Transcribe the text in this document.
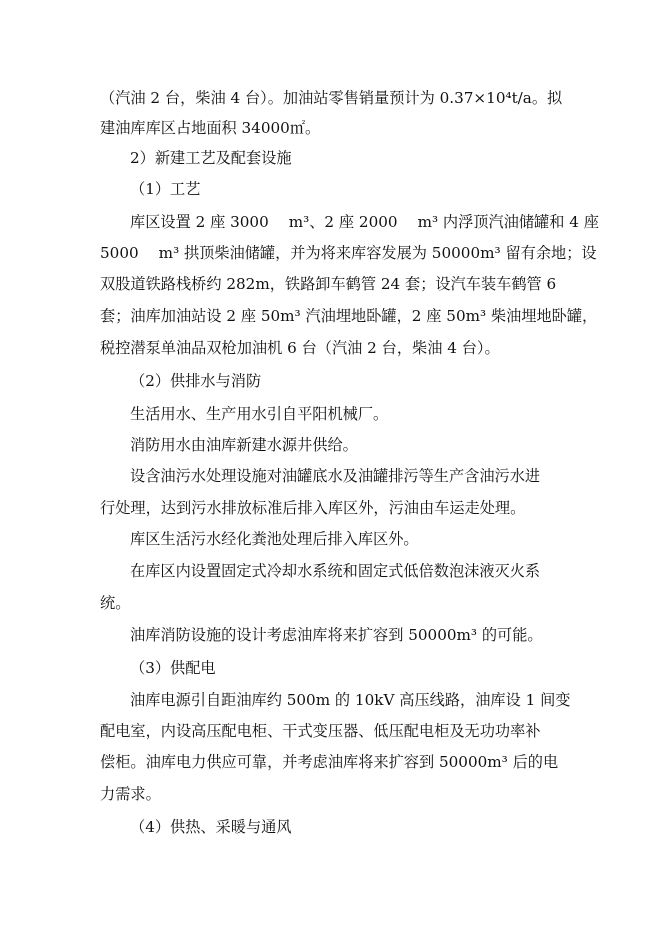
（汽油 2 台，柴油 4 台）。加油站零售销量预计为 0.37×10⁴t/a。拟
建油库库区占地面积 34000㎡。
2）新建工艺及配套设施
（1）工艺
库区设置 2 座 3000　 m³、2 座 2000　 m³ 内浮顶汽油储罐和 4 座
5000　 m³ 拱顶柴油储罐，并为将来库容发展为 50000m³ 留有余地；设
双股道铁路栈桥约 282m，铁路卸车鹤管 24 套；设汽车装车鹤管 6
套；油库加油站设 2 座 50m³ 汽油埋地卧罐，2 座 50m³ 柴油埋地卧罐，
税控潜泵单油品双枪加油机 6 台（汽油 2 台，柴油 4 台）。
（2）供排水与消防
生活用水、生产用水引自平阳机械厂。
消防用水由油库新建水源井供给。
设含油污水处理设施对油罐底水及油罐排污等生产含油污水进
行处理，达到污水排放标准后排入库区外，污油由车运走处理。
库区生活污水经化粪池处理后排入库区外。
在库区内设置固定式冷却水系统和固定式低倍数泡沫液灭火系
统。
油库消防设施的设计考虑油库将来扩容到 50000m³ 的可能。
（3）供配电
油库电源引自距油库约 500m 的 10kV 高压线路，油库设 1 间变
配电室，内设高压配电柜、干式变压器、低压配电柜及无功功率补
偿柜。油库电力供应可靠，并考虑油库将来扩容到 50000m³ 后的电
力需求。
（4）供热、采暖与通风
